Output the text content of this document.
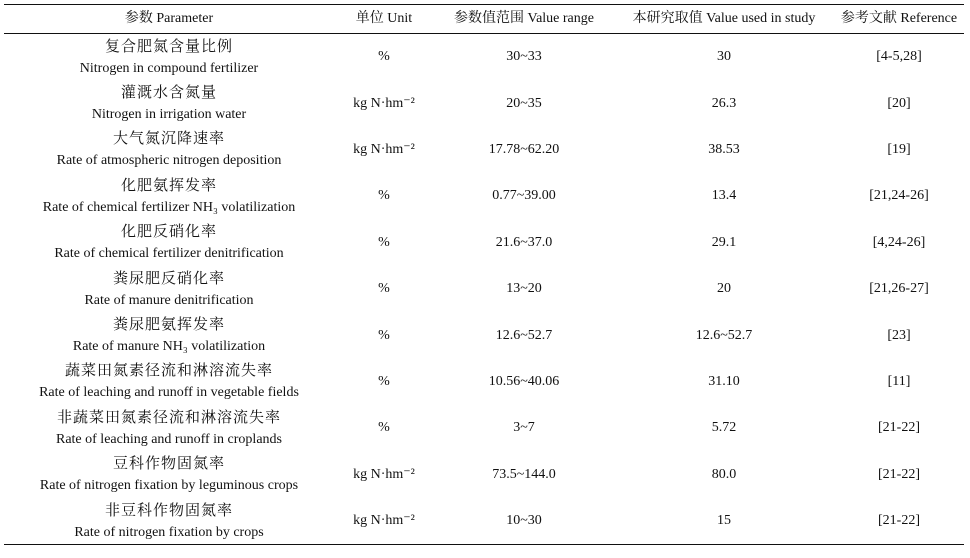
参数 Parameter	单位 Unit	参数值范围 Value range	本研究取值 Value used in study	参考文献 Reference

复合肥氮含量比例
Nitrogen in compound fertilizer	%	30~33	30	[4-5,28]

灌溉水含氮量
Nitrogen in irrigation water	kg N·hm⁻²	20~35	26.3	[20]

大气氮沉降速率
Rate of atmospheric nitrogen deposition	kg N·hm⁻²	17.78~62.20	38.53	[19]

化肥氨挥发率
Rate of chemical fertilizer NH₃ volatilization	%	0.77~39.00	13.4	[21,24-26]

化肥反硝化率
Rate of chemical fertilizer denitrification	%	21.6~37.0	29.1	[4,24-26]

粪尿肥反硝化率
Rate of manure denitrification	%	13~20	20	[21,26-27]

粪尿肥氨挥发率
Rate of manure NH₃ volatilization	%	12.6~52.7	12.6~52.7	[23]

蔬菜田氮素径流和淋溶流失率
Rate of leaching and runoff in vegetable fields	%	10.56~40.06	31.10	[11]

非蔬菜田氮素径流和淋溶流失率
Rate of leaching and runoff in croplands	%	3~7	5.72	[21-22]

豆科作物固氮率
Rate of nitrogen fixation by leguminous crops	kg N·hm⁻²	73.5~144.0	80.0	[21-22]

非豆科作物固氮率
Rate of nitrogen fixation by crops	kg N·hm⁻²	10~30	15	[21-22]
